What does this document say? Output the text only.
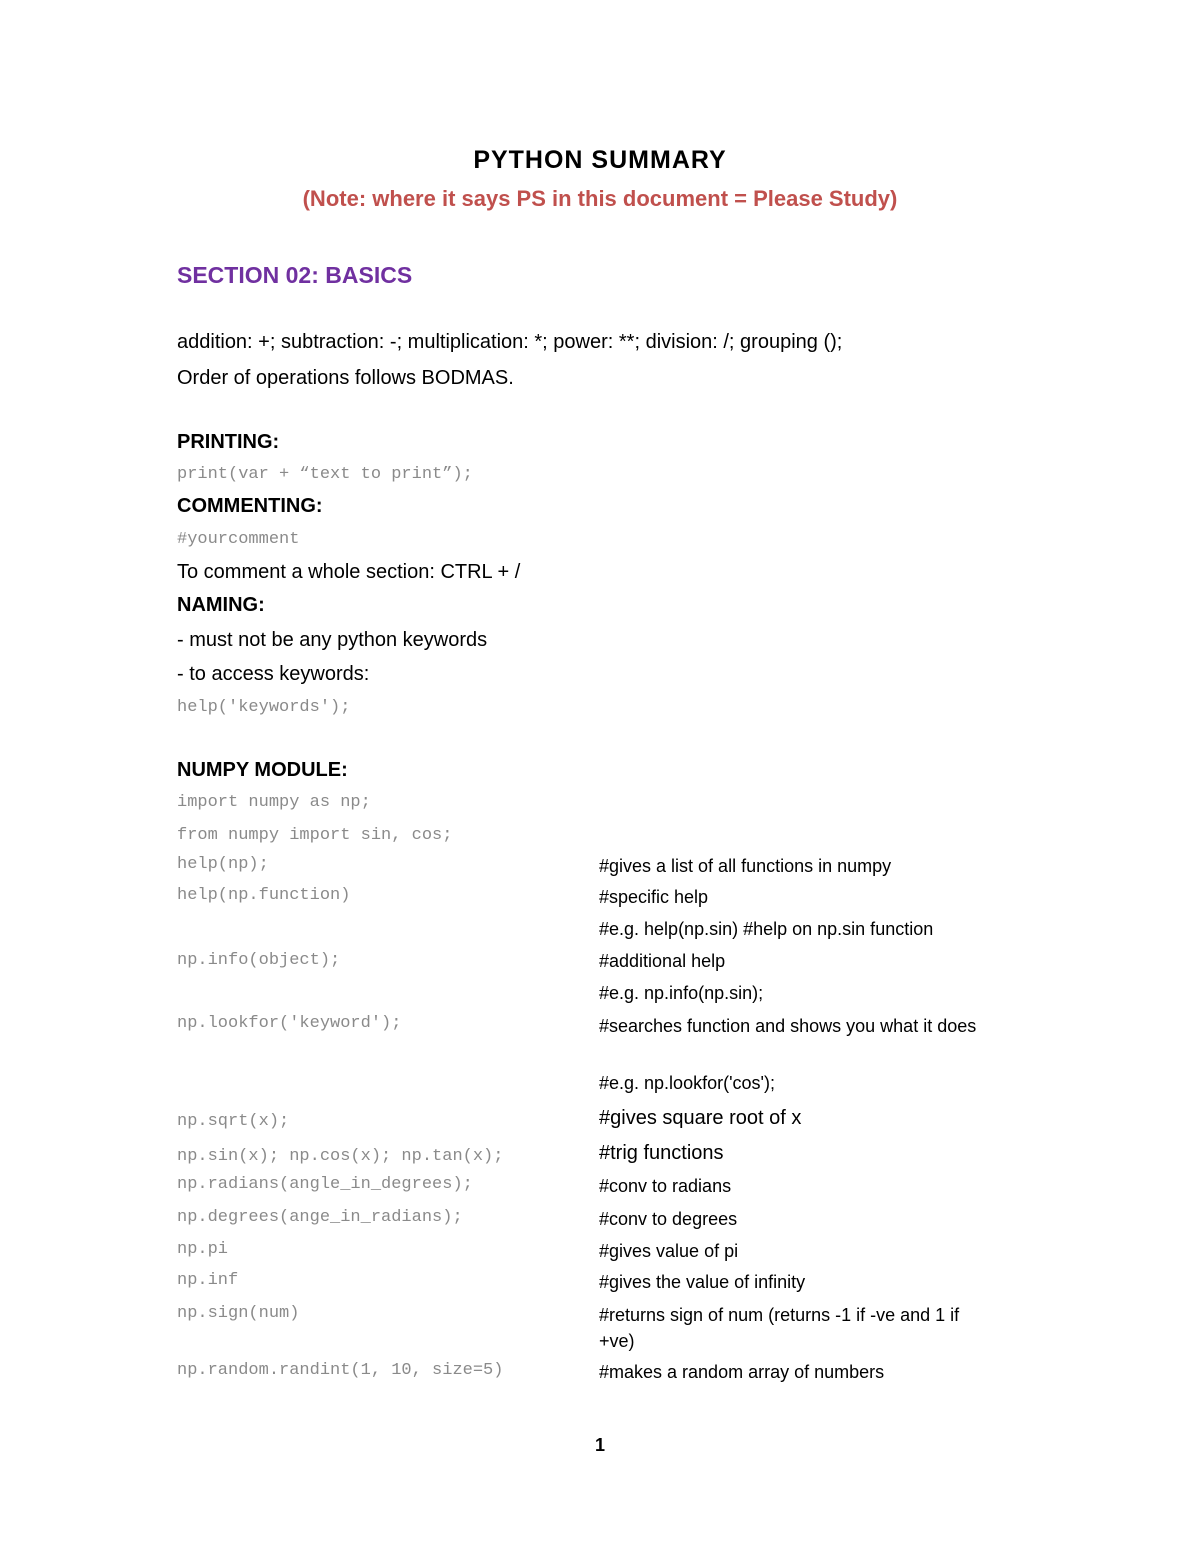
PYTHON SUMMARY
(Note: where it says PS in this document = Please Study)
SECTION 02: BASICS
addition: +; subtraction: -; multiplication: *; power: **; division: /; grouping ();
Order of operations follows BODMAS.
PRINTING:
print(var + “text to print”);
COMMENTING:
#yourcomment
To comment a whole section: CTRL + /
NAMING:
- must not be any python keywords
- to access keywords:
help('keywords');
NUMPY MODULE:
import numpy as np;
from numpy import sin, cos;
help(np);	#gives a list of all functions in numpy
help(np.function)	#specific help
#e.g. help(np.sin) #help on np.sin function
np.info(object);	#additional help
#e.g. np.info(np.sin);
np.lookfor('keyword');	#searches function and shows you what it does
#e.g. np.lookfor('cos');
np.sqrt(x);	#gives square root of x
np.sin(x); np.cos(x); np.tan(x);	#trig functions
np.radians(angle_in_degrees);	#conv to radians
np.degrees(ange_in_radians);	#conv to degrees
np.pi	#gives value of pi
np.inf	#gives the value of infinity
np.sign(num)	#returns sign of num (returns -1 if -ve and 1 if +ve)
np.random.randint(1, 10, size=5)	#makes a random array of numbers
1
